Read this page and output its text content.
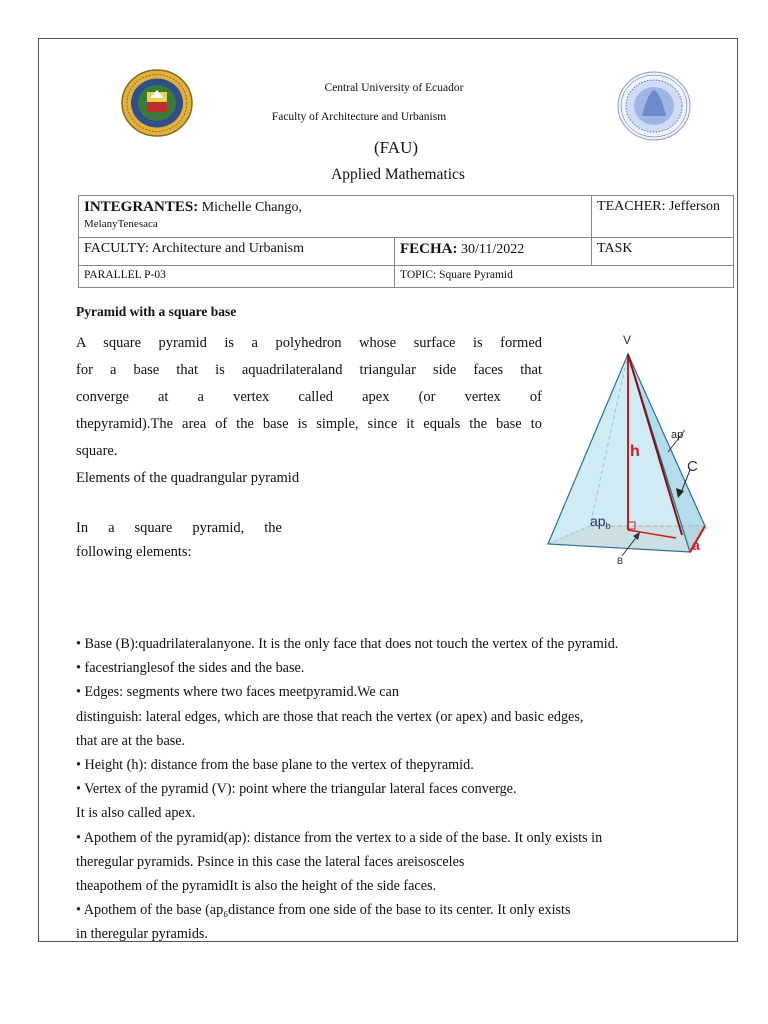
Central University of Ecuador
Faculty of Architecture and Urbanism
(FAU)
Applied Mathematics
INTEGRANTES: Michelle Chango,
MelanyTenesaca		TEACHER: Jefferson
FACULTY: Architecture and Urbanism	FECHA: 30/11/2022	TASK
PARALLEL P-03	TOPIC: Square Pyramid	
Pyramid with a square base

A square pyramid is a polyhedron whose surface is formed

for a base that is aquadrilateraland triangular side faces that

converge at a vertex called apex (or vertex of

thepyramid).The area of the base is simple, since it equals the base to

square.

Elements of the quadrangular pyramid

In a square pyramid, the

following elements:

V
h
ap
C
$ap_b$
B
a

• Base (B):quadrilateralanyone. It is the only face that does not touch the vertex of the pyramid.

• facestrianglesof the sides and the base.

• Edges: segments where two faces meetpyramid.We can

distinguish: lateral edges, which are those that reach the vertex (or apex) and basic edges,

that are at the base.

• Height (h): distance from the base plane to the vertex of thepyramid.

• Vertex of the pyramid (V): point where the triangular lateral faces converge.

It is also called apex.

• Apothem of the pyramid(ap): distance from the vertex to a side of the base. It only exists in

theregular pyramids. Psince in this case the lateral faces areisosceles

theapothem of the pyramidIt is also the height of the side faces.

• Apothem of the base (ap₆distance from one side of the base to its center. It only exists

in theregular pyramids.
